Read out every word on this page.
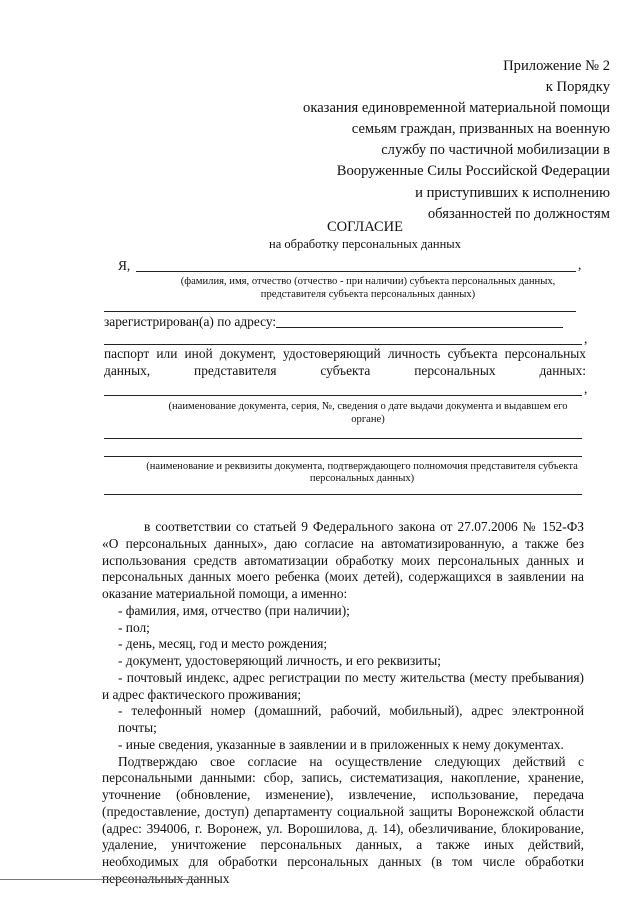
Приложение № 2
к Порядку
оказания единовременной материальной помощи
семьям граждан, призванных на военную
службу по частичной мобилизации в
Вооруженные Силы Российской Федерации
и приступивших к исполнению
обязанностей по должностям
СОГЛАСИЕ
на обработку персональных данных
Я,	,
(фамилия, имя, отчество (отчество - при наличии) субъекта персональных данных,
представителя субъекта персональных данных)
зарегистрирован(а) по адресу:
,
паспорт или иной документ, удостоверяющий личность субъекта персональных
данных,	представителя	субъекта	персональных	данных:
,
(наименование документа, серия, №, сведения о дате выдачи документа и выдавшем его
органе)
(наименование и реквизиты документа, подтверждающего полномочия представителя субъекта
персональных данных)

в соответствии со статьей 9 Федерального закона от 27.07.2006 № 152-ФЗ «О персональных данных», даю согласие на автоматизированную, а также без использования средств автоматизации обработку моих персональных данных и персональных данных моего ребенка (моих детей), содержащихся в заявлении на оказание материальной помощи, а именно:

- фамилия, имя, отчество (при наличии);

- пол;

- день, месяц, год и место рождения;

- документ, удостоверяющий личность, и его реквизиты;

- почтовый индекс, адрес регистрации по месту жительства (месту пребывания) и адрес фактического проживания;

- телефонный номер (домашний, рабочий, мобильный), адрес электронной почты;

- иные сведения, указанные в заявлении и в приложенных к нему документах.

Подтверждаю свое согласие на осуществление следующих действий с персональными данными: сбор, запись, систематизация, накопление, хранение, уточнение (обновление, изменение), извлечение, использование, передача (предоставление, доступ) департаменту социальной защиты Воронежской области (адрес: 394006, г. Воронеж, ул. Ворошилова, д. 14), обезличивание, блокирование, удаление, уничтожение персональных данных, а также иных действий, необходимых для обработки персональных данных (в том числе обработки персональных данных
